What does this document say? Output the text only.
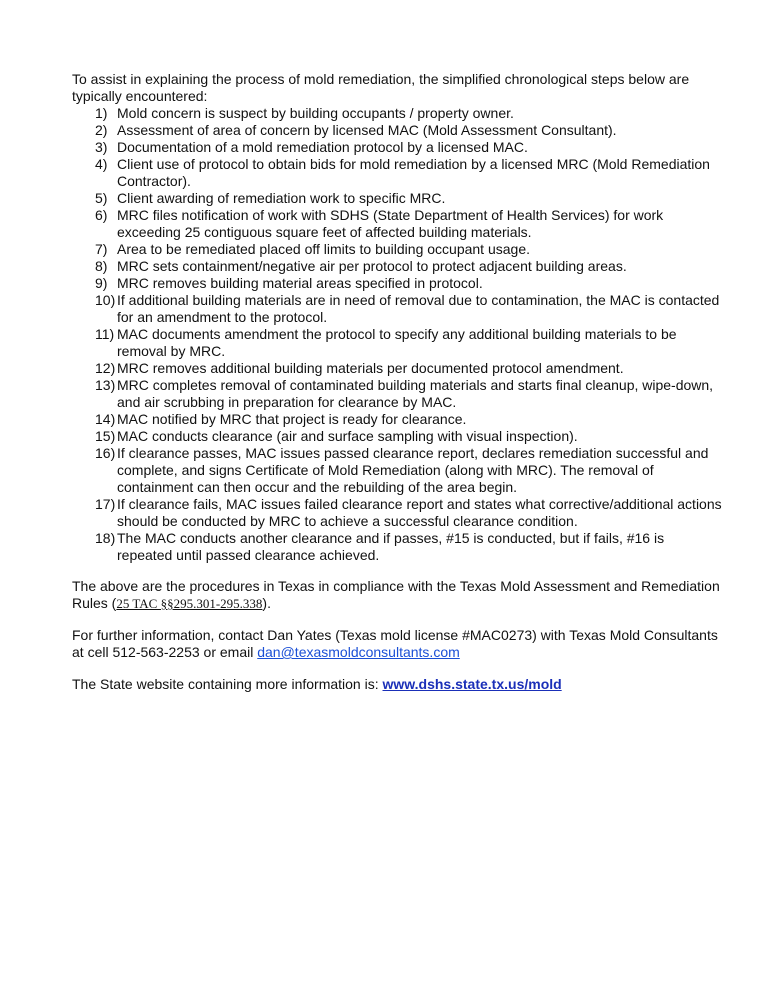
To assist in explaining the process of mold remediation, the simplified chronological steps below are typically encountered:

1) Mold concern is suspect by building occupants / property owner.
2) Assessment of area of concern by licensed MAC (Mold Assessment Consultant).
3) Documentation of a mold remediation protocol by a licensed MAC.
4) Client use of protocol to obtain bids for mold remediation by a licensed MRC (Mold Remediation Contractor).
5) Client awarding of remediation work to specific MRC.
6) MRC files notification of work with SDHS (State Department of Health Services) for work exceeding 25 contiguous square feet of affected building materials.
7) Area to be remediated placed off limits to building occupant usage.
8) MRC sets containment/negative air per protocol to protect adjacent building areas.
9) MRC removes building material areas specified in protocol.
10) If additional building materials are in need of removal due to contamination, the MAC is contacted for an amendment to the protocol.
11) MAC documents amendment the protocol to specify any additional building materials to be removal by MRC.
12) MRC removes additional building materials per documented protocol amendment.
13) MRC completes removal of contaminated building materials and starts final cleanup, wipe-down, and air scrubbing in preparation for clearance by MAC.
14) MAC notified by MRC that project is ready for clearance.
15) MAC conducts clearance (air and surface sampling with visual inspection).
16) If clearance passes, MAC issues passed clearance report, declares remediation successful and complete, and signs Certificate of Mold Remediation (along with MRC). The removal of containment can then occur and the rebuilding of the area begin.
17) If clearance fails, MAC issues failed clearance report and states what corrective/additional actions should be conducted by MRC to achieve a successful clearance condition.
18) The MAC conducts another clearance and if passes, #15 is conducted, but if fails, #16 is repeated until passed clearance achieved.

The above are the procedures in Texas in compliance with the Texas Mold Assessment and Remediation Rules (25 TAC §§295.301-295.338).

For further information, contact Dan Yates (Texas mold license #MAC0273) with Texas Mold Consultants at cell 512-563-2253 or email dan@texasmoldconsultants.com

The State website containing more information is: www.dshs.state.tx.us/mold
